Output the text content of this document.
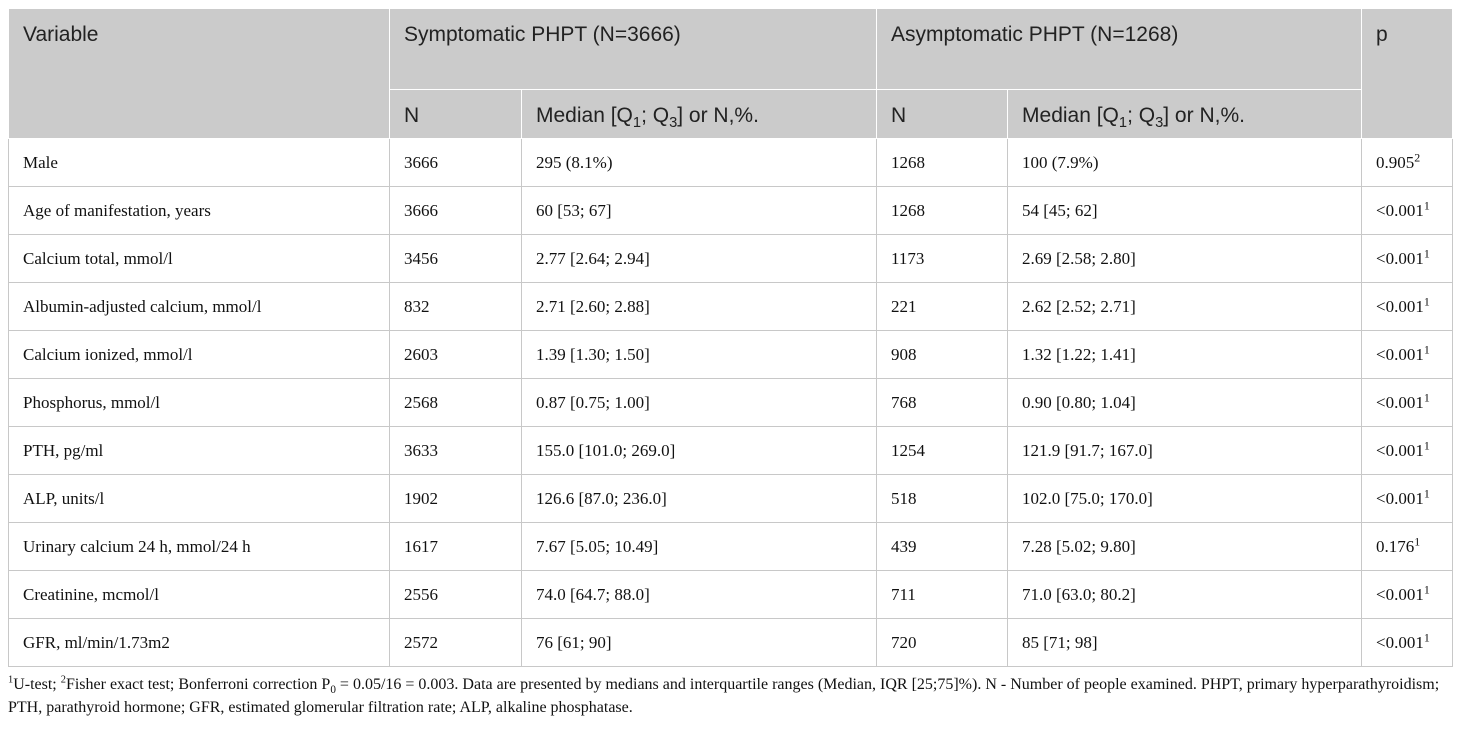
Variable	Symptomatic PHPT (N=3666)		Asymptomatic PHPT (N=1268)		p
	N	Median [$Q_1$; $Q_3$] or N,%.	N	Median [$Q_1$; $Q_3$] or N,%.	
Male	3666	295 (8.1%)	1268	100 (7.9%)	0.905$^2$
Age of manifestation, years	3666	60 [53; 67]	1268	54 [45; 62]	$<0.001^1$
Calcium total, mmol/l	3456	2.77 [2.64; 2.94]	1173	2.69 [2.58; 2.80]	$<0.001^1$
Albumin-adjusted calcium, mmol/l	832	2.71 [2.60; 2.88]	221	2.62 [2.52; 2.71]	$<0.001^1$
Calcium ionized, mmol/l	2603	1.39 [1.30; 1.50]	908	1.32 [1.22; 1.41]	$<0.001^1$
Phosphorus, mmol/l	2568	0.87 [0.75; 1.00]	768	0.90 [0.80; 1.04]	$<0.001^1$
PTH, pg/ml	3633	155.0 [101.0; 269.0]	1254	121.9 [91.7; 167.0]	$<0.001^1$
ALP, units/l	1902	126.6 [87.0; 236.0]	518	102.0 [75.0; 170.0]	$<0.001^1$
Urinary calcium 24 h, mmol/24 h	1617	7.67 [5.05; 10.49]	439	7.28 [5.02; 9.80]	0.176$^1$
Creatinine, mcmol/l	2556	74.0 [64.7; 88.0]	711	71.0 [63.0; 80.2]	$<0.001^1$
GFR, ml/min/1.73m2	2572	76 [61; 90]	720	85 [71; 98]	$<0.001^1$
$^1$U-test; $^2$Fisher exact test; Bonferroni correction $P_0 = 0.05/16 = 0.003$. Data are presented by medians and interquartile ranges (Median, IQR [25;75]%). N - Number of people examined. PHPT, primary hyperparathyroidism; PTH, parathyroid hormone; GFR, estimated glomerular filtration rate; ALP, alkaline phosphatase.
